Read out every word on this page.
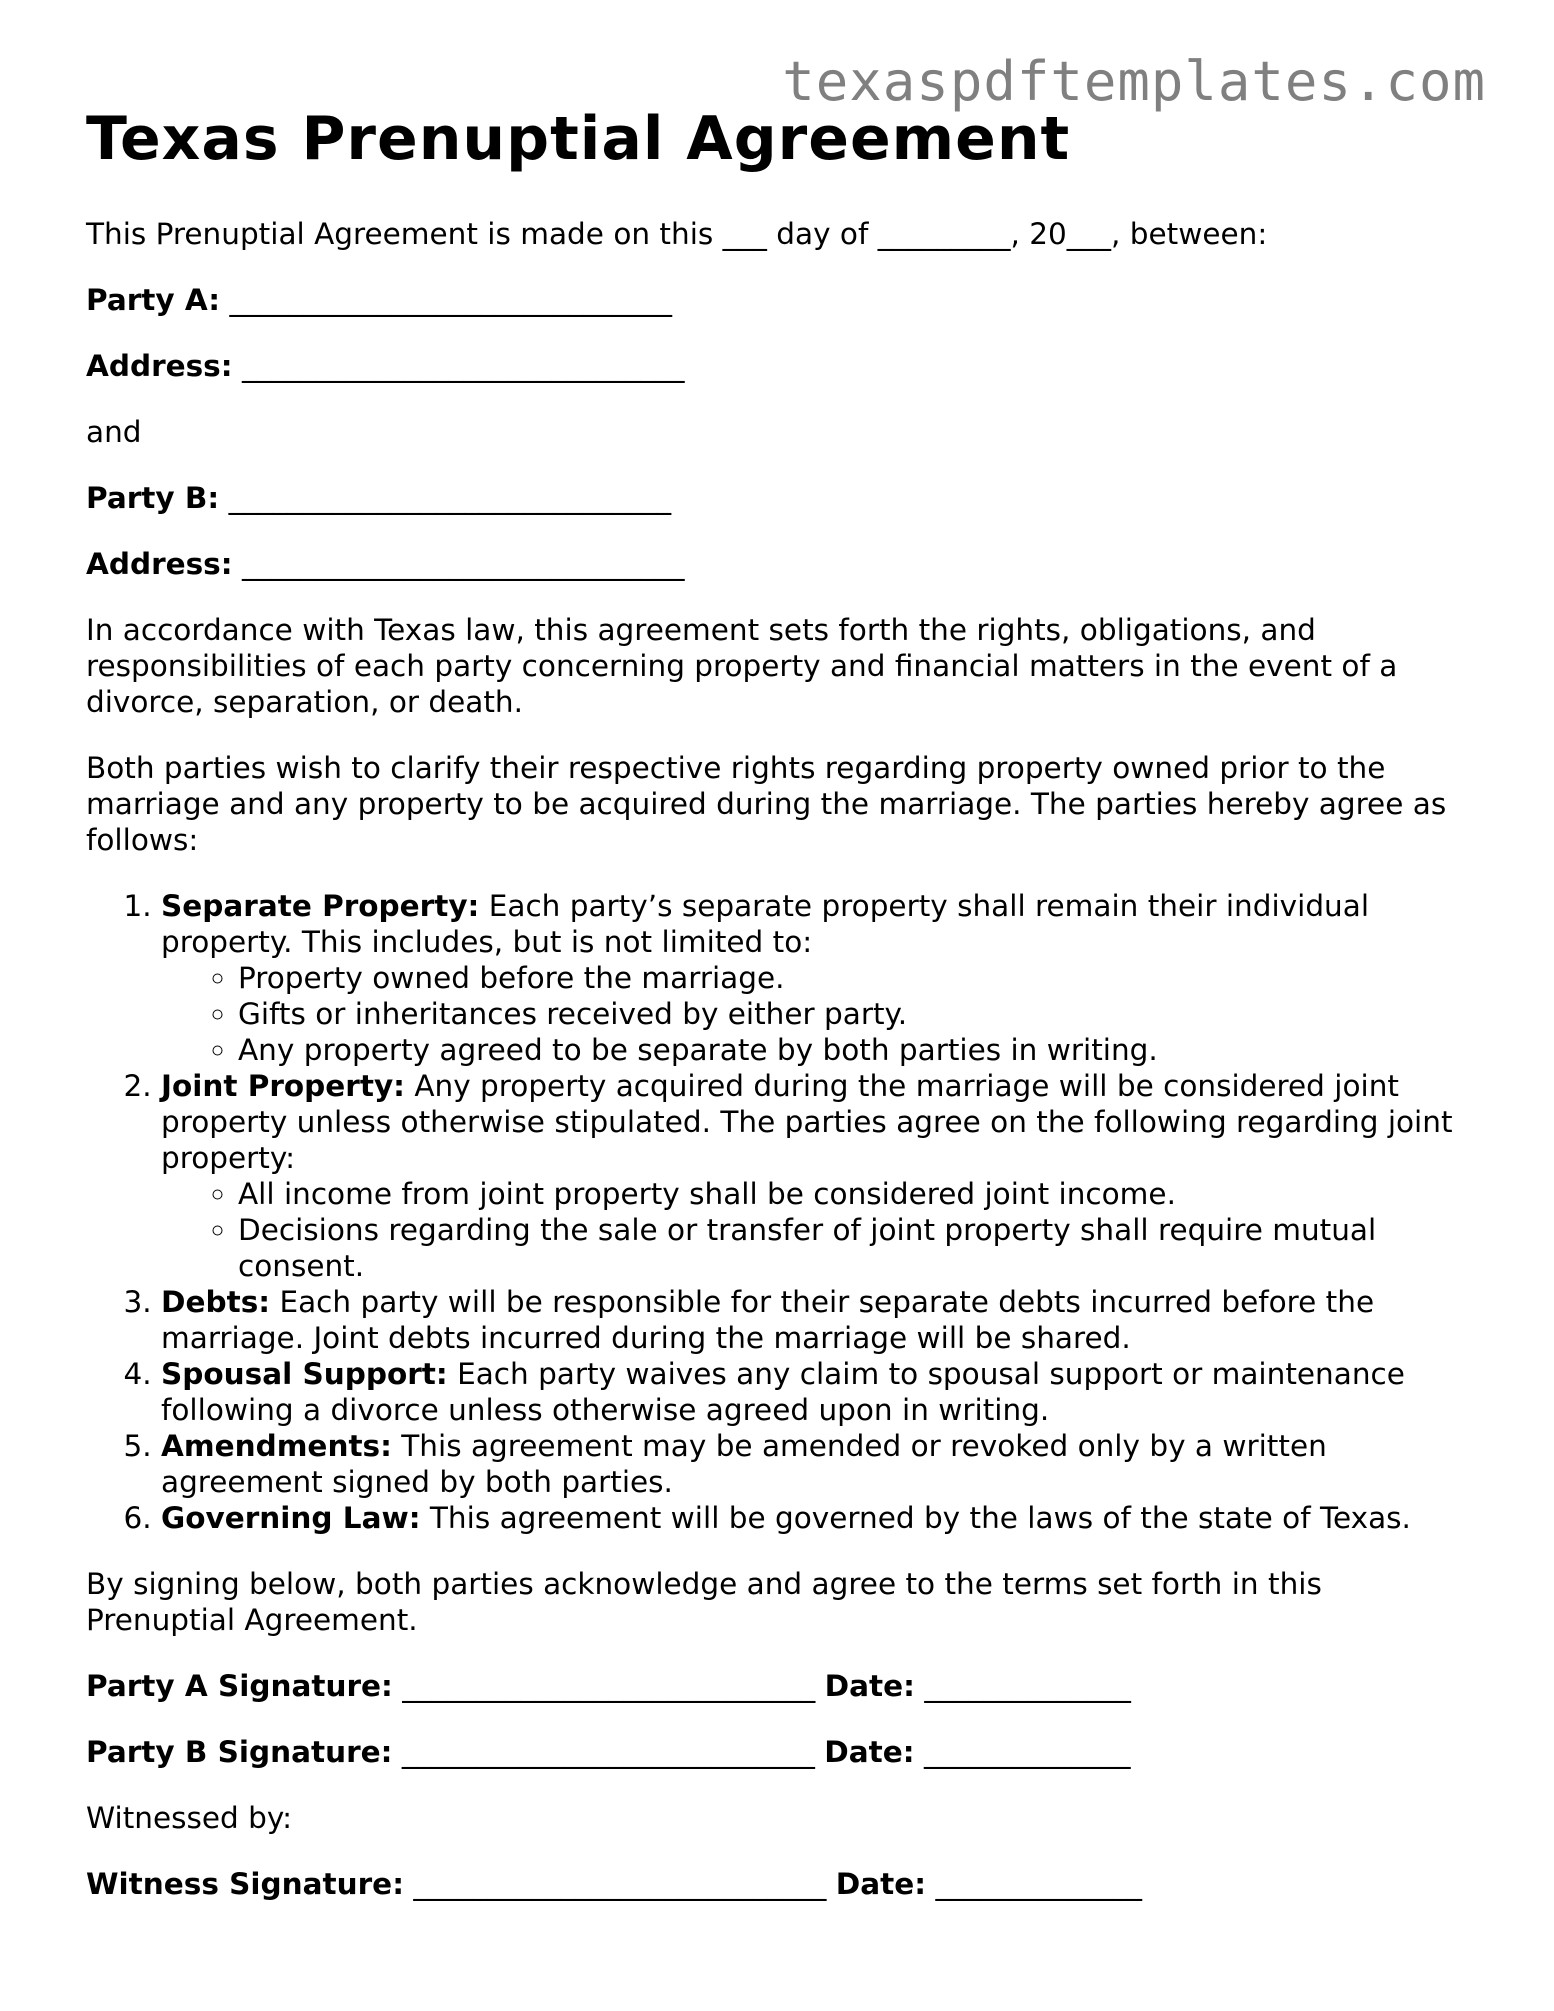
texaspdftemplates.com
Texas Prenuptial Agreement

This Prenuptial Agreement is made on this ___ day of _________, 20___, between:

Party A: ______________________________

Address: ______________________________

and

Party B: ______________________________

Address: ______________________________

In accordance with Texas law, this agreement sets forth the rights, obligations, and responsibilities of each party concerning property and financial matters in the event of a divorce, separation, or death.

Both parties wish to clarify their respective rights regarding property owned prior to the marriage and any property to be acquired during the marriage. The parties hereby agree as follows:

1. Separate Property: Each party’s separate property shall remain their individual property. This includes, but is not limited to:
◦ Property owned before the marriage.
◦ Gifts or inheritances received by either party.
◦ Any property agreed to be separate by both parties in writing.
2. Joint Property: Any property acquired during the marriage will be considered joint property unless otherwise stipulated. The parties agree on the following regarding joint property:
◦ All income from joint property shall be considered joint income.
◦ Decisions regarding the sale or transfer of joint property shall require mutual consent.
3. Debts: Each party will be responsible for their separate debts incurred before the marriage. Joint debts incurred during the marriage will be shared.
4. Spousal Support: Each party waives any claim to spousal support or maintenance following a divorce unless otherwise agreed upon in writing.
5. Amendments: This agreement may be amended or revoked only by a written agreement signed by both parties.
6. Governing Law: This agreement will be governed by the laws of the state of Texas.

By signing below, both parties acknowledge and agree to the terms set forth in this Prenuptial Agreement.

Party A Signature: ____________________________ Date: ______________

Party B Signature: ____________________________ Date: ______________

Witnessed by:

Witness Signature: ____________________________ Date: ______________
